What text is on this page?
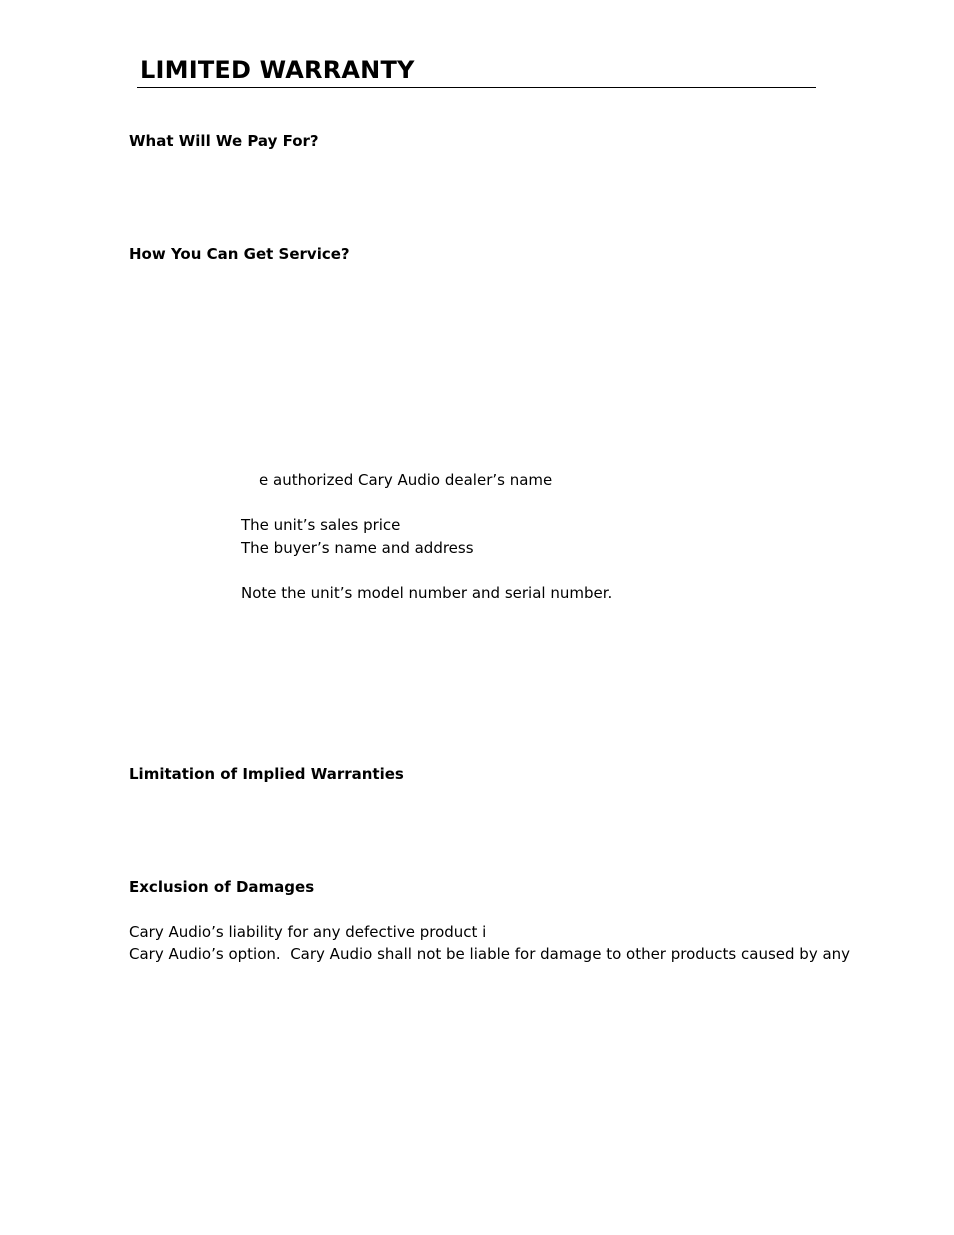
LIMITED WARRANTY
What Will We Pay For?
How You Can Get Service?

e authorized Cary Audio dealer’s name

The unit’s sales price

The buyer’s name and address

Note the unit’s model number and serial number.

Limitation of Implied Warranties
Exclusion of Damages

Cary Audio’s liability for any defective product i

Cary Audio’s option.  Cary Audio shall not be liable for damage to other products caused by any
